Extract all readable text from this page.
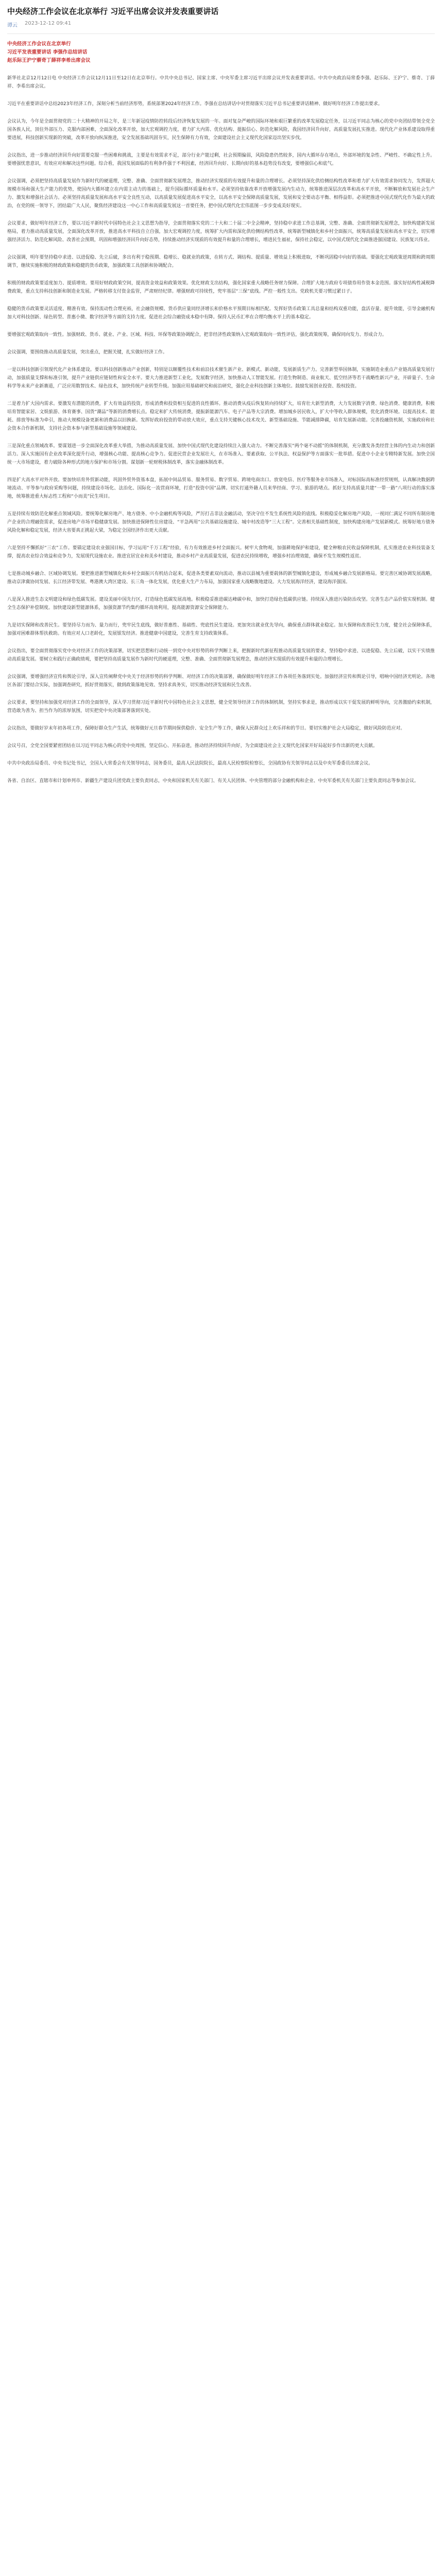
中央经济工作会议在北京举行 习近平出席会议并发表重要讲话
谭云 2023-12-12 09:41
中央经济工作会议在北京举行
习近平发表重要讲话 李强作总结讲话
赵乐际王沪宁蔡奇丁薛祥李希出席会议

新华社北京12月12日电 中央经济工作会议12月11日至12日在北京举行。中共中央总书记、国家主席、中央军委主席习近平出席会议并发表重要讲话。中共中央政治局常委李强、赵乐际、王沪宁、蔡奇、丁薛祥、李希出席会议。

习近平在重要讲话中总结2023年经济工作，深刻分析当前经济形势，系统部署2024年经济工作。李强在总结讲话中对贯彻落实习近平总书记重要讲话精神、做好明年经济工作提出要求。

会议认为，今年是全面贯彻党的二十大精神的开局之年，是三年新冠疫情防控转段后经济恢复发展的一年。面对复杂严峻的国际环境和艰巨繁重的改革发展稳定任务，以习近平同志为核心的党中央团结带领全党全国各族人民，顶住外部压力、克服内部困难，全面深化改革开放，加大宏观调控力度，着力扩大内需、优化结构、提振信心、防范化解风险，我国经济回升向好，高质量发展扎实推进。现代化产业体系建设取得重要进展，科技创新实现新的突破，改革开放向纵深推进，安全发展基础巩固夯实，民生保障有力有效，全面建设社会主义现代化国家迈出坚实步伐。

会议指出，进一步推动经济回升向好需要克服一些困难和挑战，主要是有效需求不足，部分行业产能过剩，社会预期偏弱，风险隐患仍然较多，国内大循环存在堵点，外部环境的复杂性、严峻性、不确定性上升。要增强忧患意识，有效应对和解决这些问题。综合看，我国发展面临的有利条件强于不利因素，经济回升向好、长期向好的基本趋势没有改变，要增强信心和底气。

会议强调，必须把坚持高质量发展作为新时代的硬道理，完整、准确、全面贯彻新发展理念，推动经济实现质的有效提升和量的合理增长。必须坚持深化供给侧结构性改革和着力扩大有效需求协同发力，发挥超大规模市场和强大生产能力的优势，使国内大循环建立在内需主动力的基础上，提升国际循环质量和水平。必须坚持依靠改革开放增强发展内生动力，统筹推进深层次改革和高水平开放，不断解放和发展社会生产力、激发和增强社会活力。必须坚持高质量发展和高水平安全良性互动，以高质量发展促进高水平安全，以高水平安全保障高质量发展，发展和安全要动态平衡、相得益彰。必须把推进中国式现代化作为最大的政治，在党的统一领导下，团结最广大人民，聚焦经济建设这一中心工作和高质量发展这一首要任务，把中国式现代化宏伟蓝图一步步变成美好现实。

会议要求，做好明年经济工作，要以习近平新时代中国特色社会主义思想为指导，全面贯彻落实党的二十大和二十届二中全会精神，坚持稳中求进工作总基调，完整、准确、全面贯彻新发展理念，加快构建新发展格局，着力推动高质量发展，全面深化改革开放，推进高水平科技自立自强，加大宏观调控力度，统筹扩大内需和深化供给侧结构性改革，统筹新型城镇化和乡村全面振兴，统筹高质量发展和高水平安全，切实增强经济活力、防范化解风险、改善社会预期，巩固和增强经济回升向好态势，持续推动经济实现质的有效提升和量的合理增长，增进民生福祉，保持社会稳定，以中国式现代化全面推进强国建设、民族复兴伟业。

会议强调，明年要坚持稳中求进、以进促稳、先立后破，多出有利于稳预期、稳增长、稳就业的政策，在转方式、调结构、提质量、增效益上积极进取，不断巩固稳中向好的基础。要强化宏观政策逆周期和跨周期调节，继续实施积极的财政政策和稳健的货币政策，加强政策工具创新和协调配合。

积极的财政政策要适度加力、提质增效。要用好财政政策空间，提高资金效益和政策效果。优化财政支出结构，强化国家重大战略任务财力保障。合理扩大地方政府专项债券用作资本金范围。落实好结构性减税降费政策，重点支持科技创新和制造业发展。严格转移支付资金监管，严肃财经纪律。增强财政可持续性，兜牢基层“三保”底线。严控一般性支出。党政机关要习惯过紧日子。

稳健的货币政策要灵活适度、精准有效。保持流动性合理充裕，社会融资规模、货币供应量同经济增长和价格水平预期目标相匹配。发挥好货币政策工具总量和结构双重功能，盘活存量、提升效能，引导金融机构加大对科技创新、绿色转型、普惠小微、数字经济等方面的支持力度。促进社会综合融资成本稳中有降。保持人民币汇率在合理均衡水平上的基本稳定。

要增强宏观政策取向一致性。加强财政、货币、就业、产业、区域、科技、环保等政策协调配合，把非经济性政策纳入宏观政策取向一致性评估，强化政策统筹，确保同向发力、形成合力。

会议强调，要围绕推动高质量发展，突出重点，把握关键，扎实做好经济工作。

一是以科技创新引领现代化产业体系建设。要以科技创新推动产业创新，特别是以颠覆性技术和前沿技术催生新产业、新模式、新动能，发展新质生产力。完善新型举国体制，实施制造业重点产业链高质量发展行动，加强质量支撑和标准引领，提升产业链供应链韧性和安全水平。要大力推进新型工业化，发展数字经济，加快推动人工智能发展。打造生物制造、商业航天、低空经济等若干战略性新兴产业，开辟量子、生命科学等未来产业新赛道，广泛应用数智技术、绿色技术，加快传统产业转型升级。加强应用基础研究和前沿研究，强化企业科技创新主体地位。鼓励发展创业投资、股权投资。

二是着力扩大国内需求。要激发有潜能的消费，扩大有效益的投资，形成消费和投资相互促进的良性循环。推动消费从疫后恢复转向持续扩大，培育壮大新型消费，大力发展数字消费、绿色消费、健康消费，积极培育智能家居、文娱旅游、体育赛事、国货“潮品”等新的消费增长点。稳定和扩大传统消费，提振新能源汽车、电子产品等大宗消费。增加城乡居民收入，扩大中等收入群体规模，优化消费环境。以提高技术、能耗、排放等标准为牵引，推动大规模设备更新和消费品以旧换新。发挥好政府投资的带动放大效应，重点支持关键核心技术攻关、新型基础设施、节能减排降碳，培育发展新动能。完善投融资机制，实施政府和社会资本合作新机制，支持社会资本参与新型基础设施等领域建设。

三是深化重点领域改革。要谋划进一步全面深化改革重大举措，为推动高质量发展、加快中国式现代化建设持续注入强大动力。不断完善落实“两个毫不动摇”的体制机制，充分激发各类经营主体的内生动力和创新活力。深入实施国有企业改革深化提升行动，增强核心功能、提高核心竞争力。促进民营企业发展壮大，在市场准入、要素获取、公平执法、权益保护等方面落实一批举措。促进中小企业专精特新发展。加快全国统一大市场建设，着力破除各种形式的地方保护和市场分割。谋划新一轮财税体制改革，落实金融体制改革。

四是扩大高水平对外开放。要加快培育外贸新动能，巩固外贸外资基本盘，拓展中间品贸易、服务贸易、数字贸易、跨境电商出口。放宽电信、医疗等服务业市场准入，对标国际高标准经贸规则，认真解决数据跨境流动、平等参与政府采购等问题，持续建设市场化、法治化、国际化一流营商环境，打造“投资中国”品牌。切实打通外籍人员来华经商、学习、旅游的堵点。抓好支持高质量共建“一带一路”八项行动的落实落地，统筹推进重大标志性工程和“小而美”民生项目。

五是持续有效防范化解重点领域风险。要统筹化解房地产、地方债务、中小金融机构等风险，严厉打击非法金融活动，坚决守住不发生系统性风险的底线。积极稳妥化解房地产风险，一视同仁满足不同所有制房地产企业的合理融资需求，促进房地产市场平稳健康发展。加快推进保障性住房建设、“平急两用”公共基础设施建设、城中村改造等“三大工程”。完善相关基础性制度，加快构建房地产发展新模式。统筹好地方债务风险化解和稳定发展，经济大省要真正挑起大梁，为稳定全国经济作出更大贡献。

六是坚持不懈抓好“三农”工作。要锚定建设农业强国目标，学习运用“千万工程”经验，有力有效推进乡村全面振兴。树牢大食物观，加强耕地保护和建设，健全种粮农民收益保障机制，扎实推进农业科技装备支撑，提高农业综合效益和竞争力，发展现代设施农业。推进宜居宜业和美乡村建设，推动乡村产业高质量发展，促进农民持续增收，增强乡村治理效能，确保不发生规模性返贫。

七是推动城乡融合、区域协调发展。要把推进新型城镇化和乡村全面振兴有机结合起来，促进各类要素双向流动，推动以县城为重要载体的新型城镇化建设，形成城乡融合发展新格局。要完善区域协调发展战略，推动京津冀协同发展、长江经济带发展、粤港澳大湾区建设、长三角一体化发展，优化重大生产力布局，加强国家重大战略腹地建设。大力发展海洋经济，建设海洋强国。

八是深入推进生态文明建设和绿色低碳发展。建设美丽中国先行区，打造绿色低碳发展高地。积极稳妥推进碳达峰碳中和，加快打造绿色低碳供应链。持续深入推进污染防治攻坚。完善生态产品价值实现机制。健全生态保护补偿制度。加快建设新型能源体系，加强资源节约集约循环高效利用，提高能源资源安全保障能力。

九是切实保障和改善民生。要坚持尽力而为、量力而行，兜牢民生底线，做好普惠性、基础性、兜底性民生建设。更加突出就业优先导向，确保重点群体就业稳定。加大保障和改善民生力度，健全社会保障体系，加强对困难群体帮扶救助。有效应对人口老龄化，发展银发经济。推进健康中国建设，完善生育支持政策体系。

会议指出，要全面贯彻落实党中央对经济工作的决策部署，切实把思想和行动统一到党中央对形势的科学判断上来，把握新时代新征程推动高质量发展的要求，坚持稳中求进、以进促稳、先立后破，以实干实绩推动高质量发展。要树立和践行正确政绩观，要把坚持高质量发展作为新时代的硬道理，完整、准确、全面贯彻新发展理念，推动经济实现质的有效提升和量的合理增长。

会议强调，要增强经济宣传和舆论引导，深入宣传阐释党中央关于经济形势的科学判断、对经济工作的决策部署，确保做好明年经济工作各项任务落到实处。加强经济宣传和舆论引导，唱响中国经济光明论。各地区各部门要结合实际，加强调查研究，抓好贯彻落实，做到政策落地见效、坚持求真务实，切实推动经济发展和民生改善。

会议要求，要坚持和加强党对经济工作的全面领导，深入学习贯彻习近平新时代中国特色社会主义思想，健全党领导经济工作的体制机制，坚持实事求是，推动形成以实干促发展的鲜明导向，完善激励约束机制，营造敢为善为、担当作为的浓厚氛围，切实把党中央决策部署落到实处。

会议指出，要做好岁末年初各项工作，保障好群众生产生活，统筹做好元旦春节期间保供稳价、安全生产等工作，确保人民群众过上欢乐祥和的节日。要切实维护社会大局稳定，做好风险防范应对。

会议号召，全党全国要紧密团结在以习近平同志为核心的党中央周围，坚定信心、开拓奋进，推动经济持续回升向好，为全面建设社会主义现代化国家开好局起好步作出新的更大贡献。

中共中央政治局委员、中央书记处书记，全国人大常委会有关领导同志，国务委员，最高人民法院院长，最高人民检察院检察长，全国政协有关领导同志以及中央军委委员出席会议。

各省、自治区、直辖市和计划单列市、新疆生产建设兵团党政主要负责同志，中央和国家机关有关部门、有关人民团体、中央管理的部分金融机构和企业、中央军委机关有关部门主要负责同志等参加会议。
